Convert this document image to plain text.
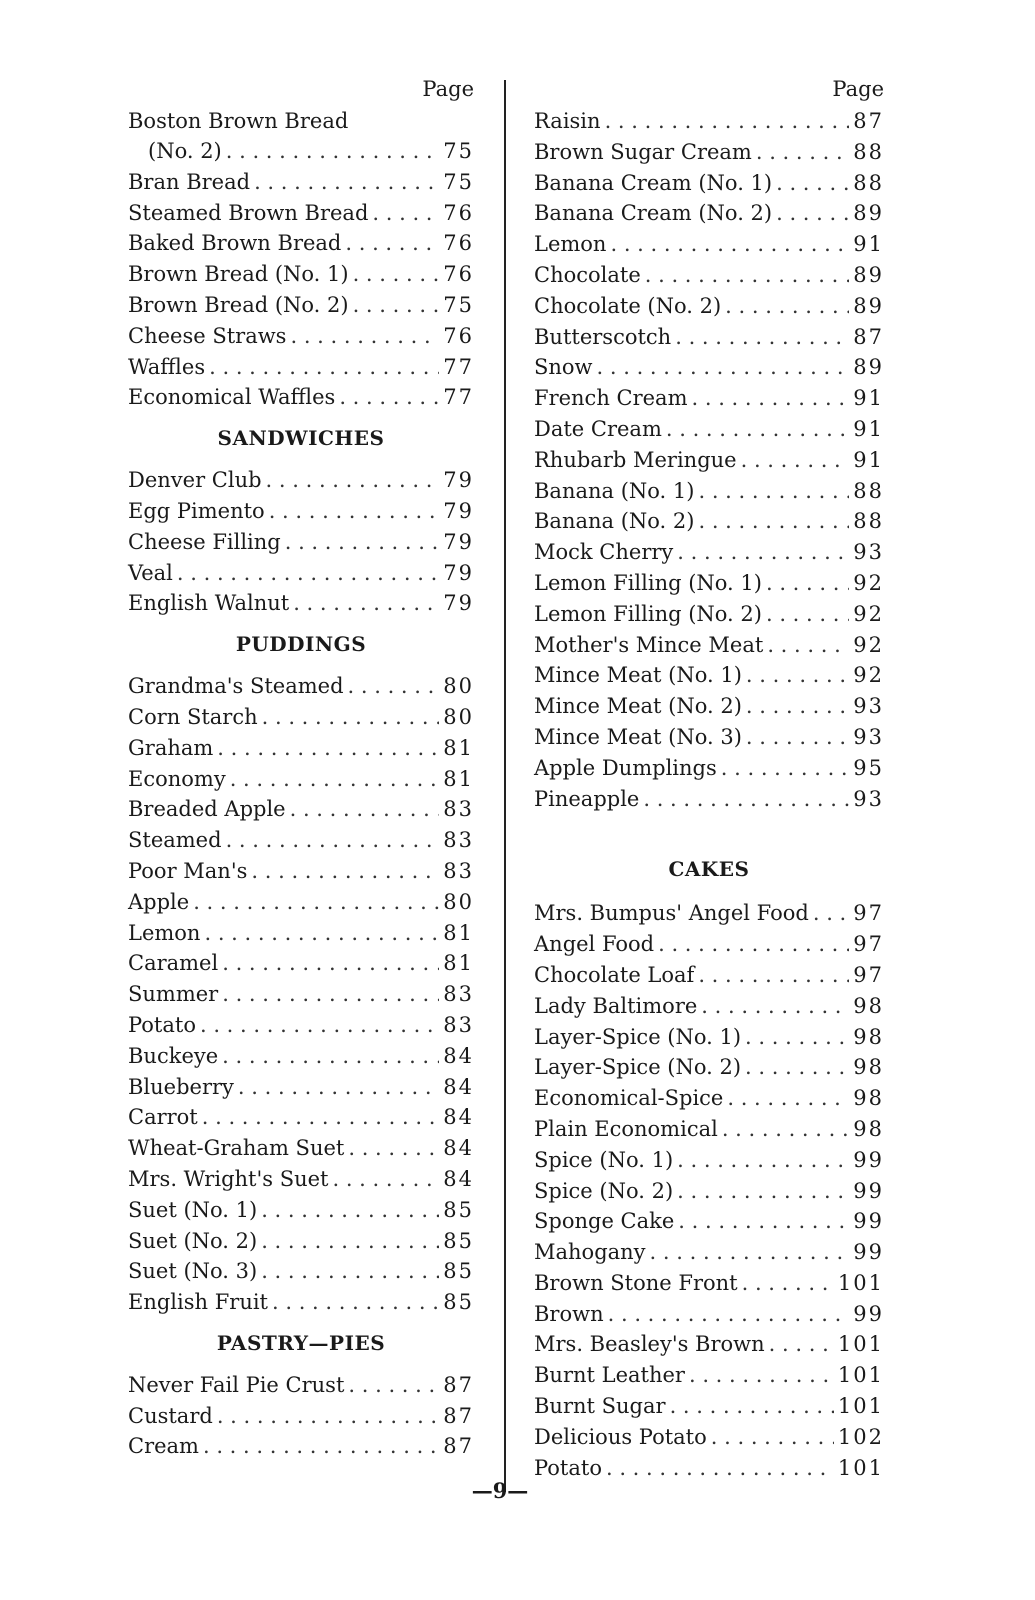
Page
Boston Brown Bread
(No. 2) . . .	75
Bran Bread . . .	75
Steamed Brown Bread . . .	76
Baked Brown Bread . . .	76
Brown Bread (No. 1) . . .	76
Brown Bread (No. 2) . . .	75
Cheese Straws . . .	76
Waffles . . .	77
Economical Waffles . . .	77
SANDWICHES
Denver Club . . .	79
Egg Pimento . . .	79
Cheese Filling . . .	79
Veal . . .	79
English Walnut . . .	79
PUDDINGS
Grandma's Steamed . . .	80
Corn Starch . . .	80
Graham . . .	81
Economy . . .	81
Breaded Apple . . .	83
Steamed . . .	83
Poor Man's . . .	83
Apple . . .	80
Lemon . . .	81
Caramel . . .	81
Summer . . .	83
Potato . . .	83
Buckeye . . .	84
Blueberry . . .	84
Carrot . . .	84
Wheat-Graham Suet . . .	84
Mrs. Wright's Suet . . .	84
Suet (No. 1) . . .	85
Suet (No. 2) . . .	85
Suet (No. 3) . . .	85
English Fruit . . .	85
PASTRY—PIES
Never Fail Pie Crust . . .	87
Custard . . .	87
Cream . . .	87
Page
Raisin . . .	87
Brown Sugar Cream . . .	88
Banana Cream (No. 1) . . .	88
Banana Cream (No. 2) . . .	89
Lemon . . .	91
Chocolate . . .	89
Chocolate (No. 2) . . .	89
Butterscotch . . .	87
Snow . . .	89
French Cream . . .	91
Date Cream . . .	91
Rhubarb Meringue . . .	91
Banana (No. 1) . . .	88
Banana (No. 2) . . .	88
Mock Cherry . . .	93
Lemon Filling (No. 1) . . .	92
Lemon Filling (No. 2) . . .	92
Mother's Mince Meat . . .	92
Mince Meat (No. 1) . . .	92
Mince Meat (No. 2) . . .	93
Mince Meat (No. 3) . . .	93
Apple Dumplings . . .	95
Pineapple . . .	93
CAKES
Mrs. Bumpus' Angel Food . . . 97
Angel Food . . .	97
Chocolate Loaf . . .	97
Lady Baltimore . . .	98
Layer-Spice (No. 1) . . .	98
Layer-Spice (No. 2) . . .	98
Economical-Spice . . .	98
Plain Economical . . .	98
Spice (No. 1) . . .	99
Spice (No. 2) . . .	99
Sponge Cake . . .	99
Mahogany . . .	99
Brown Stone Front . . .	101
Brown . . .	99
Mrs. Beasley's Brown . . .	101
Burnt Leather . . .	101
Burnt Sugar . . .	101
Delicious Potato . . .	102
Potato . . .	101
—9—
